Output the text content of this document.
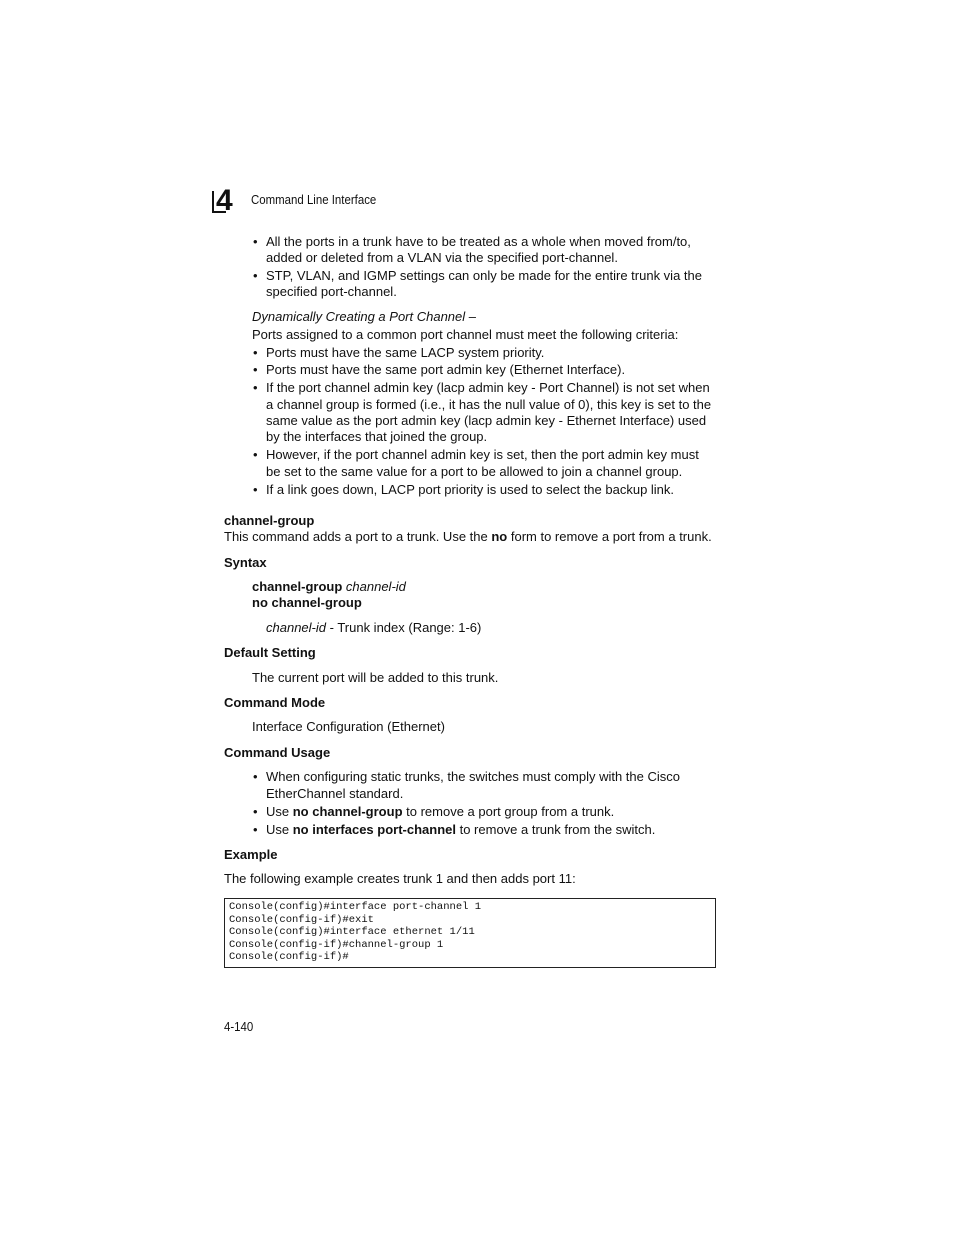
4 Command Line Interface
• All the ports in a trunk have to be treated as a whole when moved from/to,
added or deleted from a VLAN via the specified port-channel.
• STP, VLAN, and IGMP settings can only be made for the entire trunk via the
specified port-channel.
Dynamically Creating a Port Channel –
Ports assigned to a common port channel must meet the following criteria:
• Ports must have the same LACP system priority.
• Ports must have the same port admin key (Ethernet Interface).
• If the port channel admin key (lacp admin key - Port Channel) is not set when
a channel group is formed (i.e., it has the null value of 0), this key is set to the
same value as the port admin key (lacp admin key - Ethernet Interface) used
by the interfaces that joined the group.
• However, if the port channel admin key is set, then the port admin key must
be set to the same value for a port to be allowed to join a channel group.
• If a link goes down, LACP port priority is used to select the backup link.
channel-group
This command adds a port to a trunk. Use the no form to remove a port from a trunk.
Syntax
channel-group channel-id
no channel-group
channel-id - Trunk index (Range: 1-6)
Default Setting
The current port will be added to this trunk.
Command Mode
Interface Configuration (Ethernet)
Command Usage
• When configuring static trunks, the switches must comply with the Cisco
EtherChannel standard.
• Use no channel-group to remove a port group from a trunk.
• Use no interfaces port-channel to remove a trunk from the switch.
Example
The following example creates trunk 1 and then adds port 11:
Console(config)#interface port-channel 1
Console(config-if)#exit
Console(config)#interface ethernet 1/11
Console(config-if)#channel-group 1
Console(config-if)#
4-140
